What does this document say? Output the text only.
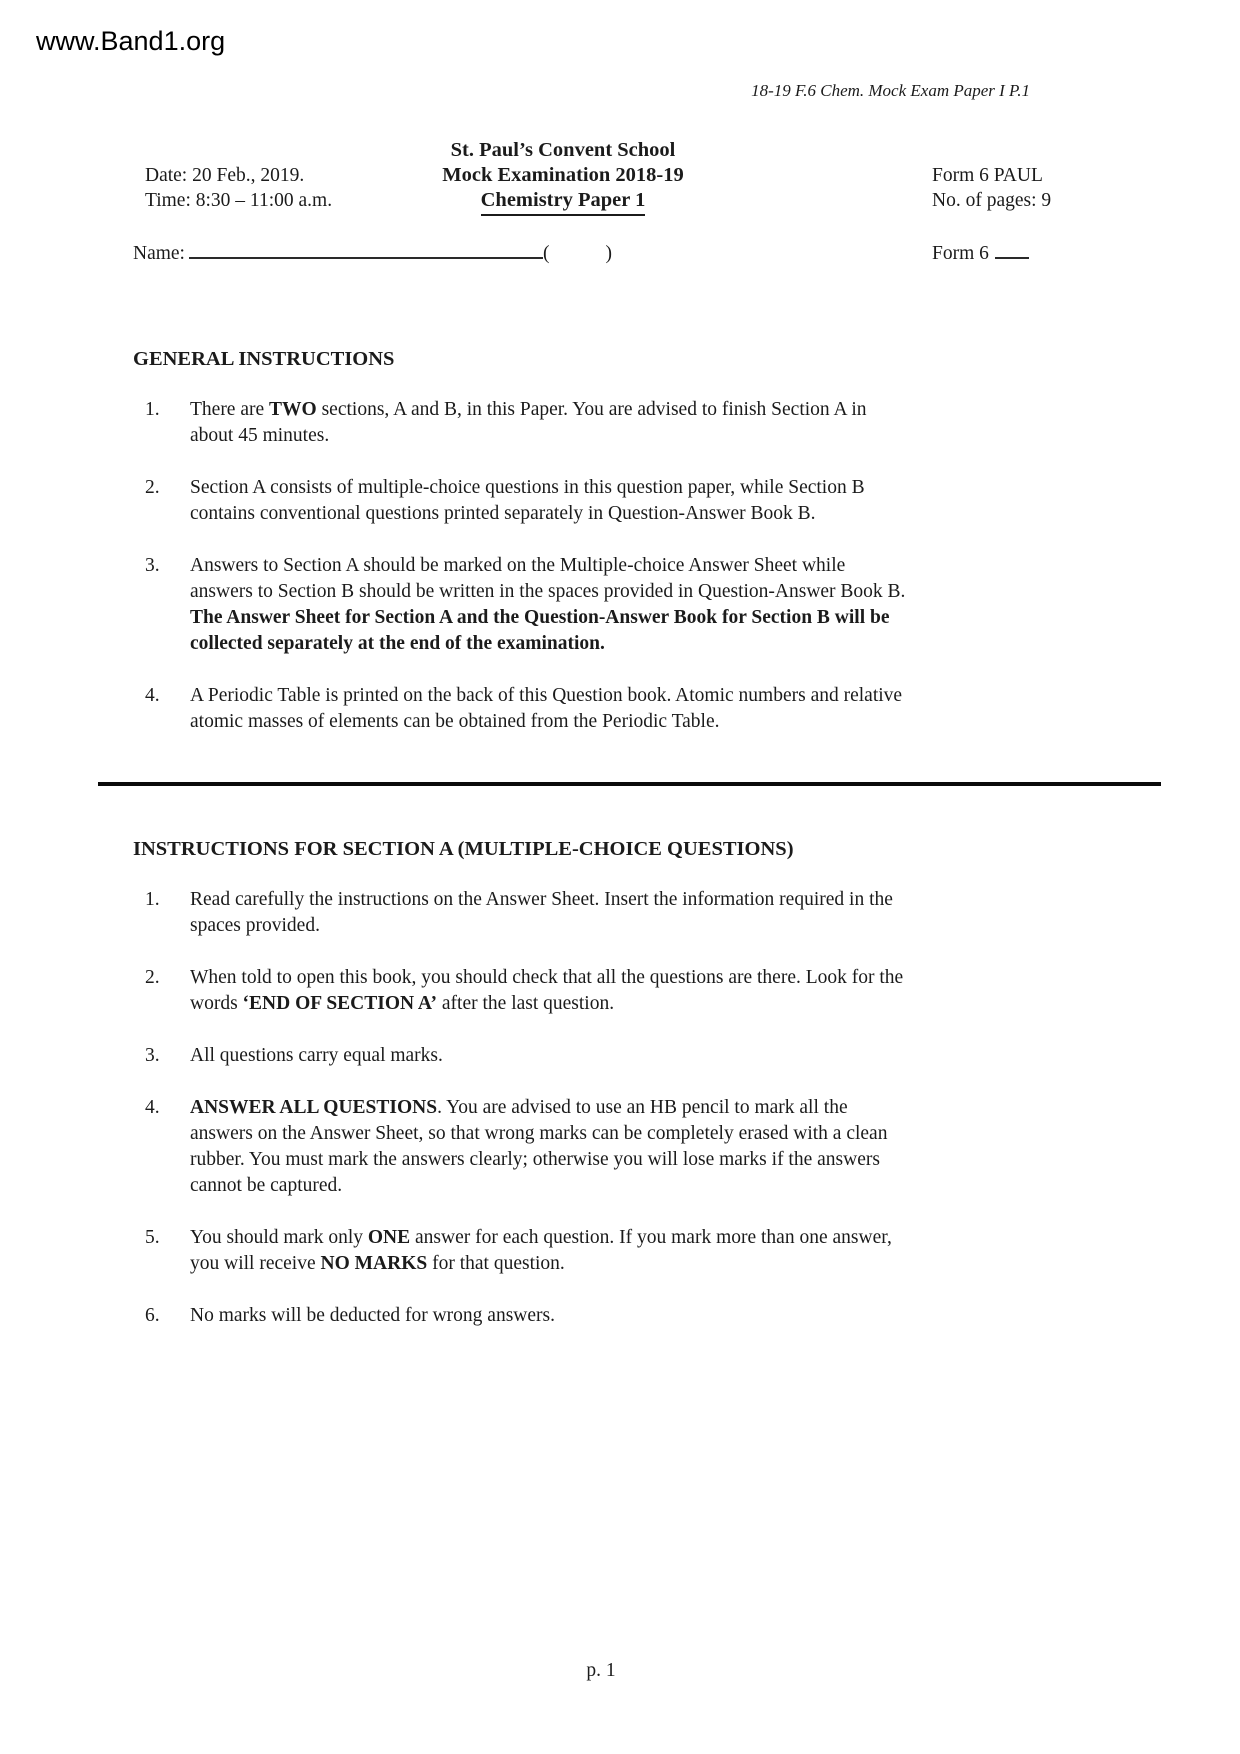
www.Band1.org
18-19 F.6 Chem. Mock Exam Paper I P.1
St. Paul’s Convent School
Date: 20 Feb., 2019.	Mock Examination 2018-19	Form 6 PAUL
Time: 8:30 – 11:00 a.m.	Chemistry Paper 1	No. of pages: 9
Name:	(	)	Form 6
GENERAL INSTRUCTIONS
1.	There are TWO sections, A and B, in this Paper. You are advised to finish Section A in
about 45 minutes.
2.	Section A consists of multiple-choice questions in this question paper, while Section B
contains conventional questions printed separately in Question-Answer Book B.
3.	Answers to Section A should be marked on the Multiple-choice Answer Sheet while
answers to Section B should be written in the spaces provided in Question-Answer Book B.
The Answer Sheet for Section A and the Question-Answer Book for Section B will be
collected separately at the end of the examination.
4.	A Periodic Table is printed on the back of this Question book. Atomic numbers and relative
atomic masses of elements can be obtained from the Periodic Table.
INSTRUCTIONS FOR SECTION A (MULTIPLE-CHOICE QUESTIONS)
1.	Read carefully the instructions on the Answer Sheet. Insert the information required in the
spaces provided.
2.	When told to open this book, you should check that all the questions are there. Look for the
words ‘END OF SECTION A’ after the last question.
3.	All questions carry equal marks.
4.	ANSWER ALL QUESTIONS. You are advised to use an HB pencil to mark all the
answers on the Answer Sheet, so that wrong marks can be completely erased with a clean
rubber. You must mark the answers clearly; otherwise you will lose marks if the answers
cannot be captured.
5.	You should mark only ONE answer for each question. If you mark more than one answer,
you will receive NO MARKS for that question.
6.	No marks will be deducted for wrong answers.
p. 1
